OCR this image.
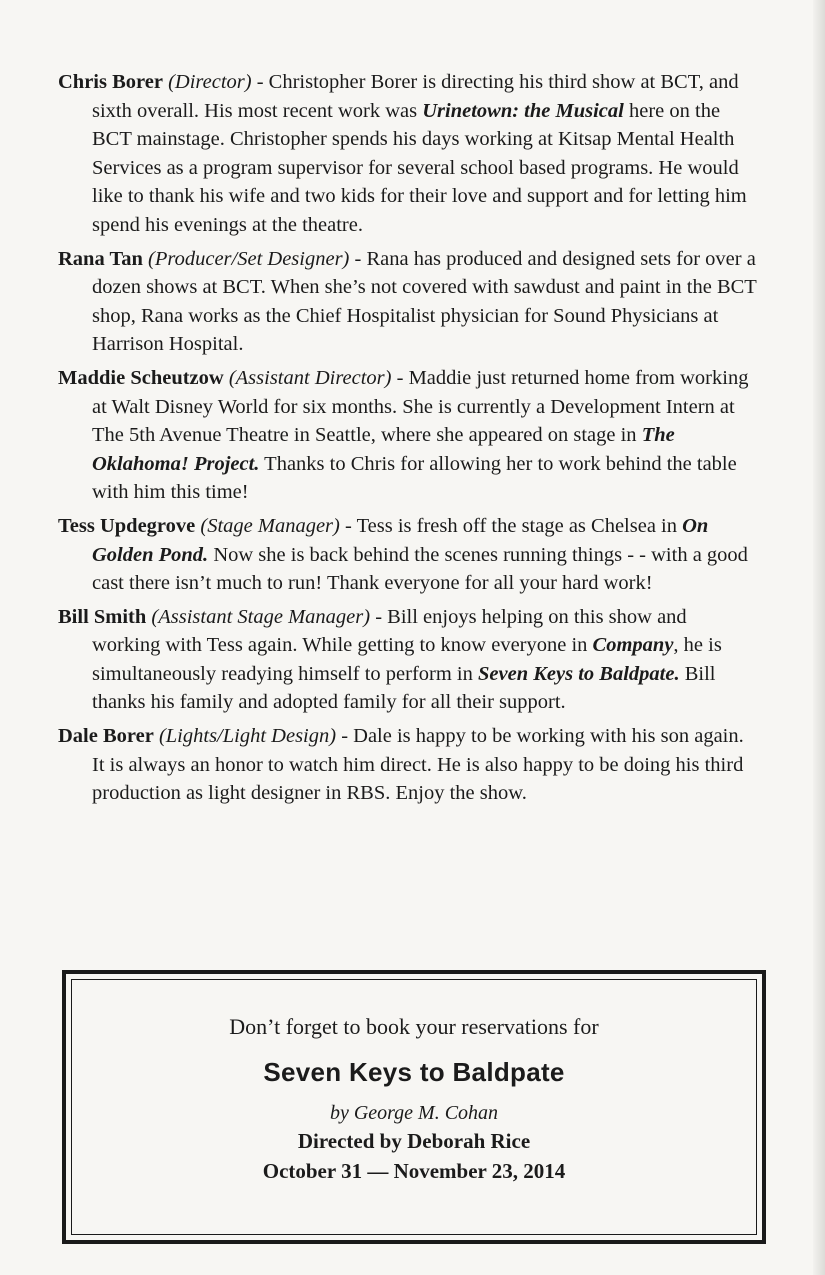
Chris Borer (Director) - Christopher Borer is directing his third show at BCT, and sixth overall. His most recent work was Urinetown: the Musical here on the BCT mainstage. Christopher spends his days working at Kitsap Mental Health Services as a program supervisor for several school based programs. He would like to thank his wife and two kids for their love and support and for letting him spend his evenings at the theatre.

Rana Tan (Producer/Set Designer) - Rana has produced and designed sets for over a dozen shows at BCT. When she’s not covered with sawdust and paint in the BCT shop, Rana works as the Chief Hospitalist physician for Sound Physicians at Harrison Hospital.

Maddie Scheutzow (Assistant Director) - Maddie just returned home from working at Walt Disney World for six months. She is currently a Development Intern at The 5th Avenue Theatre in Seattle, where she appeared on stage in The Oklahoma! Project. Thanks to Chris for allowing her to work behind the table with him this time!

Tess Updegrove (Stage Manager) - Tess is fresh off the stage as Chelsea in On Golden Pond. Now she is back behind the scenes running things - - with a good cast there isn’t much to run! Thank everyone for all your hard work!

Bill Smith (Assistant Stage Manager) - Bill enjoys helping on this show and working with Tess again. While getting to know everyone in Company, he is simultaneously readying himself to perform in Seven Keys to Baldpate. Bill thanks his family and adopted family for all their support.

Dale Borer (Lights/Light Design) - Dale is happy to be working with his son again. It is always an honor to watch him direct. He is also happy to be doing his third production as light designer in RBS. Enjoy the show.

Don’t forget to book your reservations for

Seven Keys to Baldpate

by George M. Cohan

Directed by Deborah Rice

October 31 — November 23, 2014
